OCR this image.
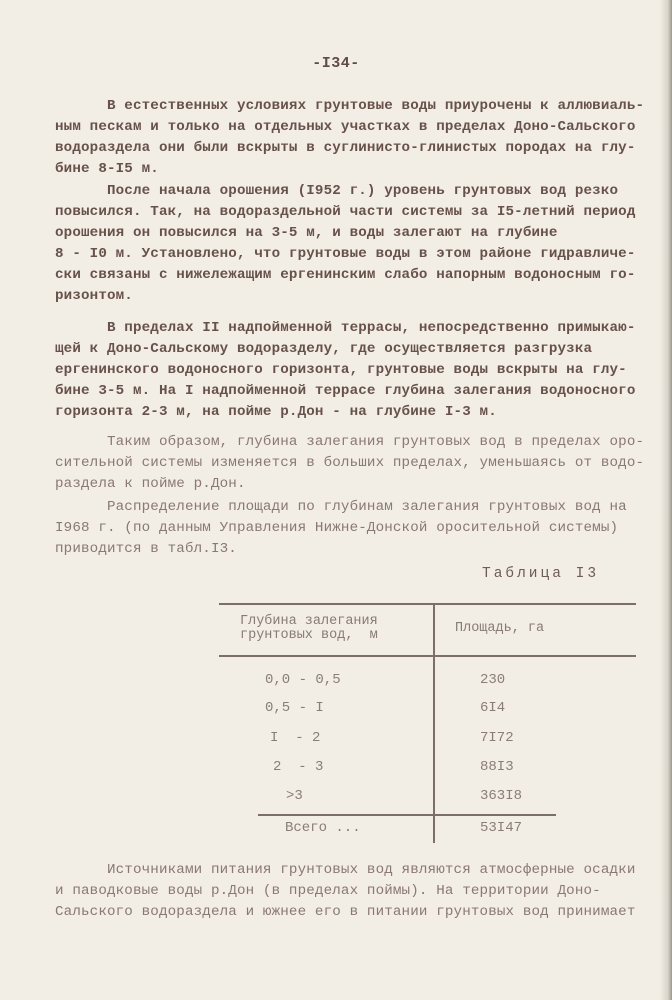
-I34-
В естественных условиях грунтовые воды приурочены к аллювиаль-
ным пескам и только на отдельных участках в пределах Доно-Сальского
водораздела они были вскрыты в суглинисто-глинистых породах на глу-
бине 8-I5 м.
После начала орошения (I952 г.) уровень грунтовых вод резко
повысился. Так, на водораздельной части системы за I5-летний период
орошения он повысился на 3-5 м, и воды залегают на глубине
8 - I0 м. Установлено, что грунтовые воды в этом районе гидравличе-
ски связаны с нижележащим ергенинским слабо напорным водоносным го-
ризонтом.
В пределах II надпойменной террасы, непосредственно примыкаю-
щей к Доно-Сальскому водоразделу, где осуществляется разгрузка
ергенинского водоносного горизонта, грунтовые воды вскрыты на глу-
бине 3-5 м. На I надпойменной террасе глубина залегания водоносного
горизонта 2-3 м, на пойме р.Дон - на глубине I-3 м.
Таким образом, глубина залегания грунтовых вод в пределах оро-
сительной системы изменяется в больших пределах, уменьшаясь от водо-
раздела к пойме р.Дон.
Распределение площади по глубинам залегания грунтовых вод на
I968 г. (по данным Управления Нижне-Донской оросительной системы)
приводится в табл.I3.
Таблица I3
Глубина залегания
грунтовых вод,  м	Площадь, га
0,0 - 0,5	230
0,5 - I	6I4
I  - 2	7I72
2  - 3	88I3
>3	363I8
Всего ...	53I47
Источниками питания грунтовых вод являются атмосферные осадки
и паводковые воды р.Дон (в пределах поймы). На территории Доно-
Сальского водораздела и южнее его в питании грунтовых вод принимает
